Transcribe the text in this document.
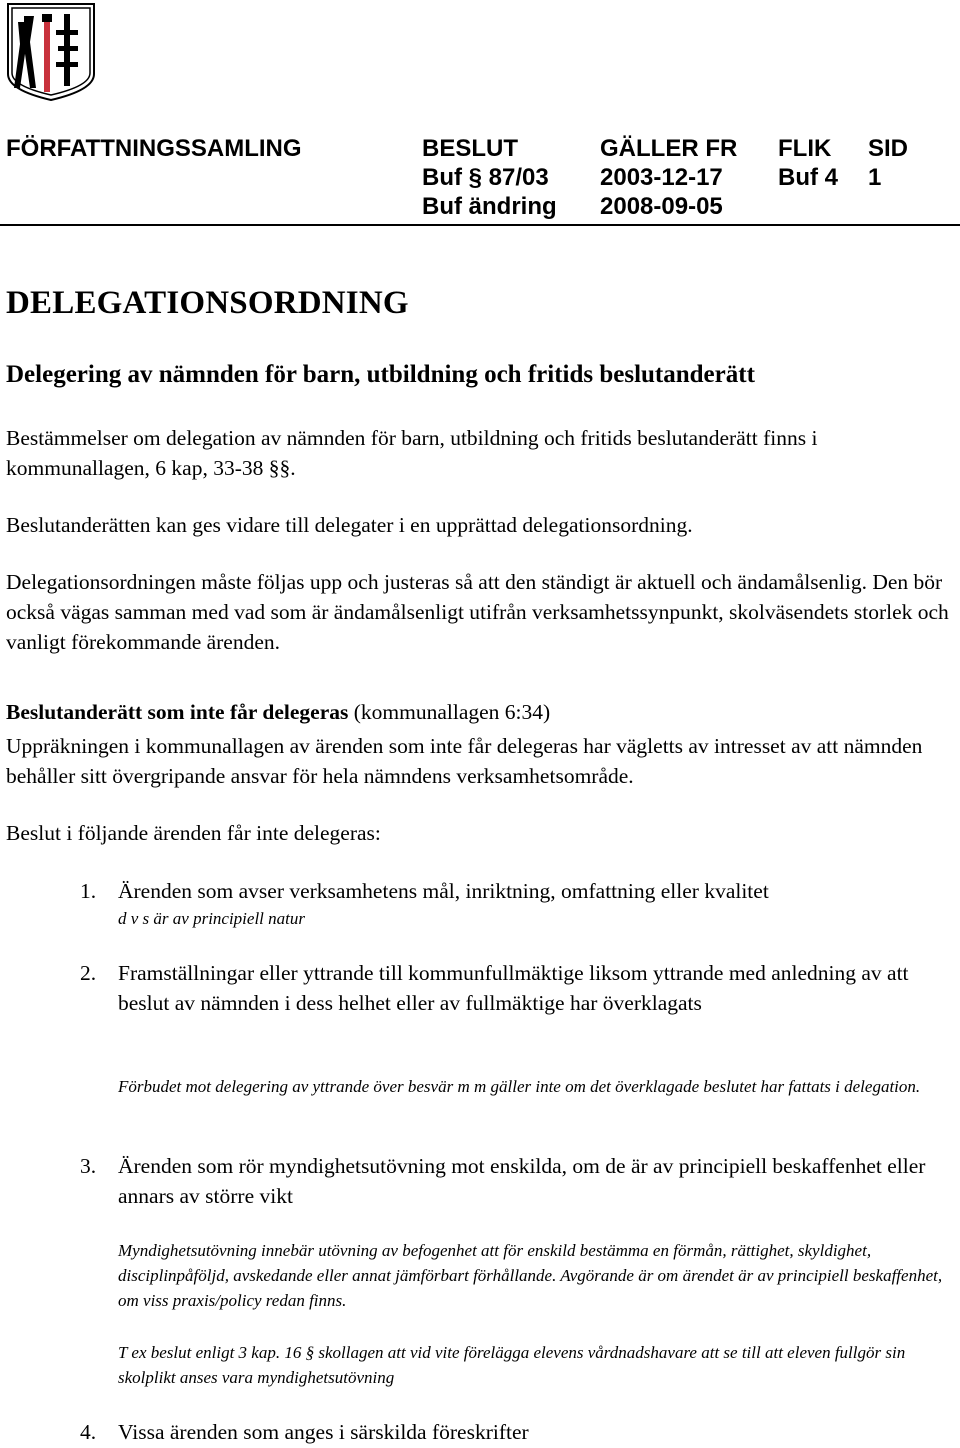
FÖRFATTNINGSSAMLING	BESLUT
Buf § 87/03
Buf ändring
GÄLLER FR
2003-12-17
2008-09-05
FLIK
Buf 4
SID
1
DELEGATIONSORDNING
Delegering av nämnden för barn, utbildning och fritids beslutanderätt
Bestämmelser om delegation av nämnden för barn, utbildning och fritids beslutanderätt finns i kommunallagen, 6 kap, 33-38 §§.
Beslutanderätten kan ges vidare till delegater i en upprättad delegationsordning.
Delegationsordningen måste följas upp och justeras så att den ständigt är aktuell och ändamålsenlig. Den bör också vägas samman med vad som är ändamålsenligt utifrån verksamhetssynpunkt, skolväsendets storlek och vanligt förekommande ärenden.
Beslutanderätt som inte får delegeras (kommunallagen 6:34)
Uppräkningen i kommunallagen av ärenden som inte får delegeras har vägletts av intresset av att nämnden behåller sitt övergripande ansvar för hela nämndens verksamhetsområde.
Beslut i följande ärenden får inte delegeras:
1. Ärenden som avser verksamhetens mål, inriktning, omfattning eller kvalitet
d v s är av principiell natur
2. Framställningar eller yttrande till kommunfullmäktige liksom yttrande med anledning av att beslut av nämnden i dess helhet eller av fullmäktige har överklagats
Förbudet mot delegering av yttrande över besvär m m gäller inte om det överklagade beslutet har fattats i delegation.
3. Ärenden som rör myndighetsutövning mot enskilda, om de är av principiell beskaffenhet eller annars av större vikt
Myndighetsutövning innebär utövning av befogenhet att för enskild bestämma en förmån, rättighet, skyldighet, disciplinpåföljd, avskedande eller annat jämförbart förhållande. Avgörande är om ärendet är av principiell beskaffenhet, om viss praxis/policy redan finns.
T ex beslut enligt 3 kap. 16 § skollagen att vid vite förelägga elevens vårdnadshavare att se till att eleven fullgör sin skolplikt anses vara myndighetsutövning
4. Vissa ärenden som anges i särskilda föreskrifter
